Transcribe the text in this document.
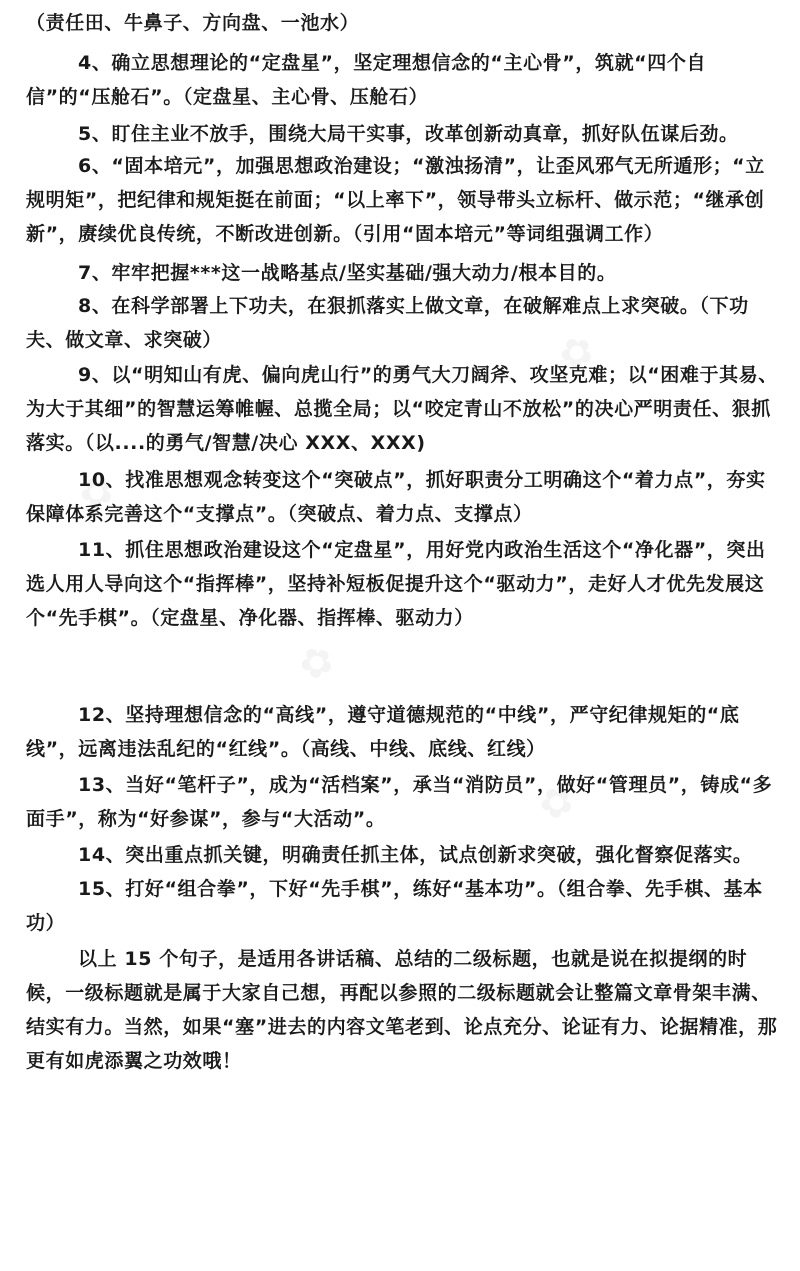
（责任田、牛鼻子、方向盘、一池水）

4、确立思想理论的“定盘星”，坚定理想信念的“主心骨”，筑就“四个自信”的“压舱石”。（定盘星、主心骨、压舱石）

5、盯住主业不放手，围绕大局干实事，改革创新动真章，抓好队伍谋后劲。

6、“固本培元”，加强思想政治建设；“激浊扬清”，让歪风邪气无所遁形；“立规明矩”，把纪律和规矩挺在前面；“以上率下”，领导带头立标杆、做示范；“继承创新”，赓续优良传统，不断改进创新。（引用“固本培元”等词组强调工作）

7、牢牢把握***这一战略基点/坚实基础/强大动力/根本目的。

8、在科学部署上下功夫，在狠抓落实上做文章，在破解难点上求突破。（下功夫、做文章、求突破）

9、以“明知山有虎、偏向虎山行”的勇气大刀阔斧、攻坚克难；以“困难于其易、为大于其细”的智慧运筹帷幄、总揽全局；以“咬定青山不放松”的决心严明责任、狠抓落实。（以....的勇气/智慧/决心 XXX、XXX)

10、找准思想观念转变这个“突破点”，抓好职责分工明确这个“着力点”，夯实保障体系完善这个“支撑点”。（突破点、着力点、支撑点）

11、抓住思想政治建设这个“定盘星”，用好党内政治生活这个“净化器”，突出选人用人导向这个“指挥棒”，坚持补短板促提升这个“驱动力”，走好人才优先发展这个“先手棋”。（定盘星、净化器、指挥棒、驱动力）

12、坚持理想信念的“高线”，遵守道德规范的“中线”，严守纪律规矩的“底线”，远离违法乱纪的“红线”。（高线、中线、底线、红线）

13、当好“笔杆子”，成为“活档案”，承当“消防员”，做好“管理员”，铸成“多面手”，称为“好参谋”，参与“大活动”。

14、突出重点抓关键，明确责任抓主体，试点创新求突破，强化督察促落实。

15、打好“组合拳”，下好“先手棋”，练好“基本功”。（组合拳、先手棋、基本功）

以上 15 个句子，是适用各讲话稿、总结的二级标题，也就是说在拟提纲的时候，一级标题就是属于大家自己想，再配以参照的二级标题就会让整篇文章骨架丰满、结实有力。当然，如果“塞”进去的内容文笔老到、论点充分、论证有力、论据精准，那更有如虎添翼之功效哦！
